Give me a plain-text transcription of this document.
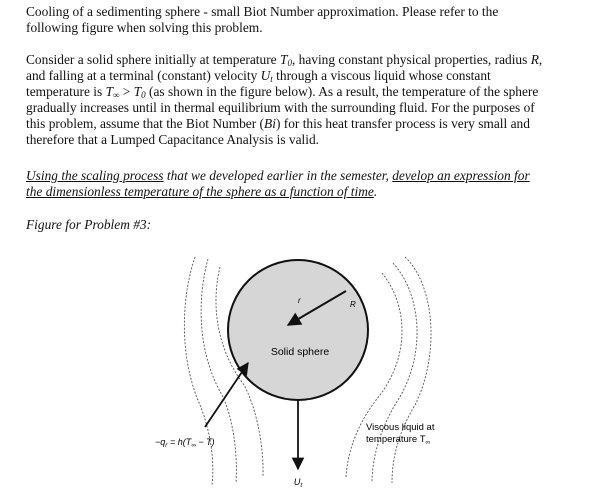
Cooling of a sedimenting sphere - small Biot Number approximation. Please refer to the
following figure when solving this problem.
Consider a solid sphere initially at temperature $T_0$, having constant physical properties, radius R,
and falling at a terminal (constant) velocity $U_t$ through a viscous liquid whose constant
temperature is $T_\infty > T_0$ (as shown in the figure below). As a result, the temperature of the sphere
gradually increases until in thermal equilibrium with the surrounding fluid. For the purposes of
this problem, assume that the Biot Number (Bi) for this heat transfer process is very small and
therefore that a Lumped Capacitance Analysis is valid.
Using the scaling process that we developed earlier in the semester, develop an expression for
the dimensionless temperature of the sphere as a function of time.
Figure for Problem #3:
Solid sphere
r	R
$-q_r = h(T_\infty - T)$
$U_t$
Viscous liquid at
temperature $T_\infty$
